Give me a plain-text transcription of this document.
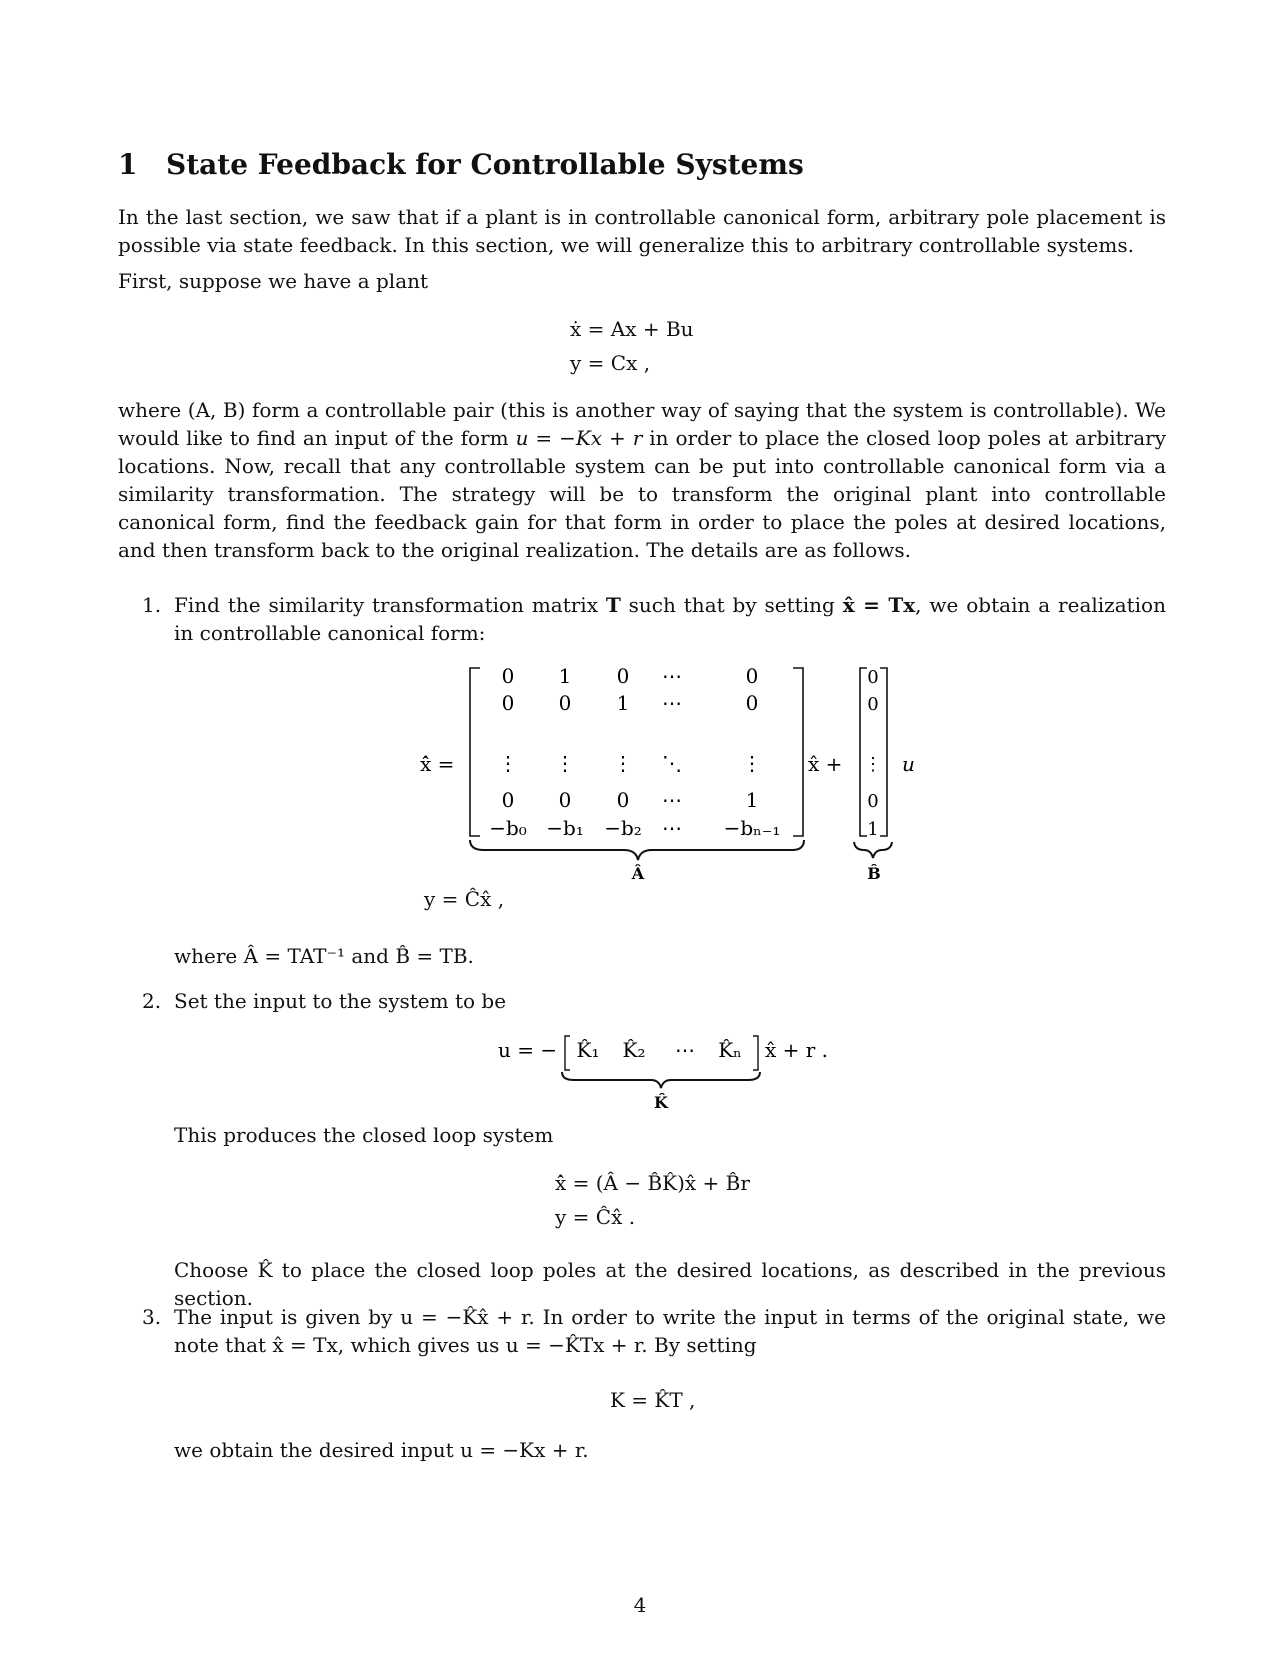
1 State Feedback for Controllable Systems
In the last section, we saw that if a plant is in controllable canonical form, arbitrary pole placement is possible via state feedback. In this section, we will generalize this to arbitrary controllable systems.
First, suppose we have a plant
ẋ = Ax + Bu
y = Cx ,
where (A, B) form a controllable pair (this is another way of saying that the system is controllable). We would like to find an input of the form u = −Kx + r in order to place the closed loop poles at arbitrary locations. Now, recall that any controllable system can be put into controllable canonical form via a similarity transformation. The strategy will be to transform the original plant into controllable canonical form, find the feedback gain for that form in order to place the poles at desired locations, and then transform back to the original realization. The details are as follows.
1. Find the similarity transformation matrix T such that by setting x̂ = Tx, we obtain a realization in controllable canonical form:
x̂̇ =
0 1 0 ⋯	0
0 0 1 ⋯	0
⋮ ⋮ ⋮ ⋱	⋮
0 0 0 ⋯	1
−b₀ −b₁ −b₂ ⋯ −bₙ₋₁
x̂ +
0
0
⋮
0
1
u
Â	B̂
y = Ĉx̂ ,
where Â = TAT⁻¹ and B̂ = TB.
2. Set the input to the system to be
u = − K̂₁ K̂₂ ⋯ K̂ₙ x̂ + r .
K̂
This produces the closed loop system
x̂̇ = (Â − B̂K̂)x̂ + B̂r
y = Ĉx̂ .
Choose K̂ to place the closed loop poles at the desired locations, as described in the previous section.
3. The input is given by u = −K̂x̂ + r. In order to write the input in terms of the original state, we note that x̂ = Tx, which gives us u = −K̂Tx + r. By setting
K = K̂T ,
we obtain the desired input u = −Kx + r.
4
